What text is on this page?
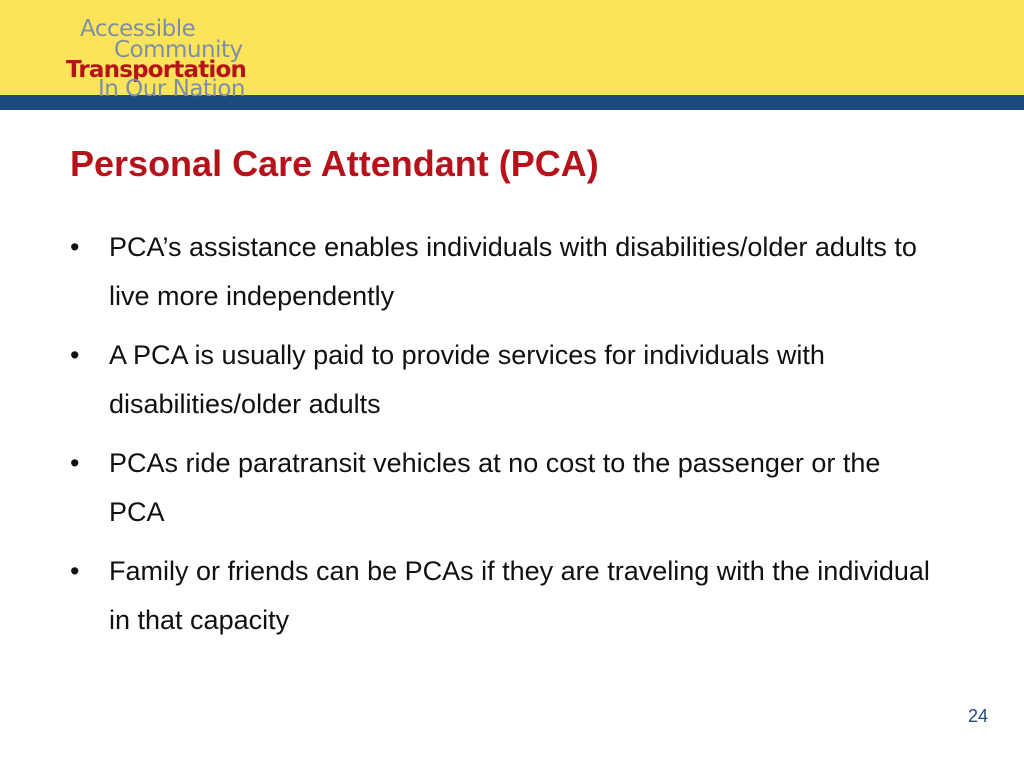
Accessible
Community
Transportation
In Our Nation
Personal Care Attendant (PCA)
•	PCA’s assistance enables individuals with disabilities/older adults to live more independently
•	A PCA is usually paid to provide services for individuals with disabilities/older adults
•	PCAs ride paratransit vehicles at no cost to the passenger or the PCA
•	Family or friends can be PCAs if they are traveling with the individual in that capacity
24
